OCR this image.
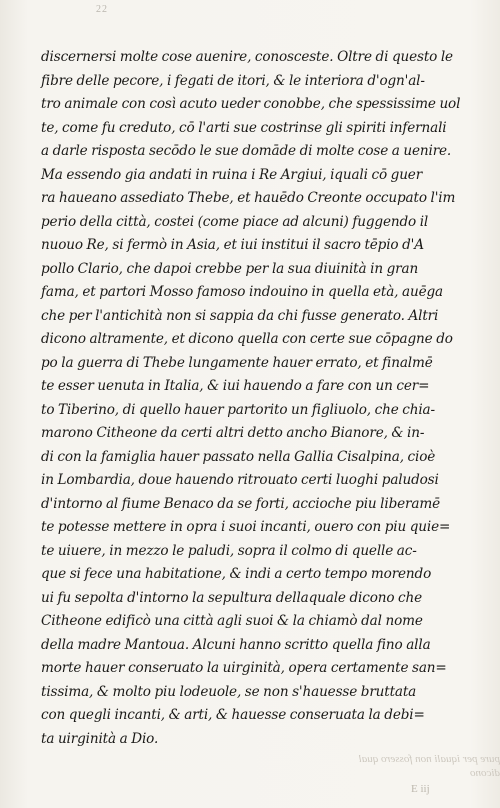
22
pure per iquali non fossero qual
dicono
discernersi molte cose auenire, conosceste. Oltre di questo le
fibre delle pecore, i fegati de itori, & le interiora d'ogn'al-
tro animale con così acuto ueder conobbe, che spessissime uol
te, come fu creduto, cō l'arti sue costrinse gli spiriti infernali
a darle risposta secōdo le sue domāde di molte cose a uenire.
Ma essendo gia andati in ruina i Re Argiui, iquali cō guer
ra haueano assediato Thebe, et hauēdo Creonte occupato l'im
perio della città, costei (come piace ad alcuni) fuggendo il
nuouo Re, si fermò in Asia, et iui institui il sacro tēpio d'A
pollo Clario, che dapoi crebbe per la sua diuinità in gran
fama, et partori Mosso famoso indouino in quella età, auēga
che per l'antichità non si sappia da chi fusse generato. Altri
dicono altramente, et dicono quella con certe sue cōpagne do
po la guerra di Thebe lungamente hauer errato, et finalmē
te esser uenuta in Italia, & iui hauendo a fare con un cer=
to Tiberino, di quello hauer partorito un figliuolo, che chia-
marono Citheone da certi altri detto ancho Bianore, & in-
di con la famiglia hauer passato nella Gallia Cisalpina, cioè
in Lombardia, doue hauendo ritrouato certi luoghi paludosi
d'intorno al fiume Benaco da se forti, accioche piu liberamē
te potesse mettere in opra i suoi incanti, ouero con piu quie=
te uiuere, in mezzo le paludi, sopra il colmo di quelle ac-
que si fece una habitatione, & indi a certo tempo morendo
ui fu sepolta d'intorno la sepultura dellaquale dicono che
Citheone edificò una città agli suoi & la chiamò dal nome
della madre Mantoua. Alcuni hanno scritto quella fino alla
morte hauer conseruato la uirginità, opera certamente san=
tissima, & molto piu lodeuole, se non s'hauesse bruttata
con quegli incanti, & arti, & hauesse conseruata la debi=
ta uirginità a Dio.
E iij
